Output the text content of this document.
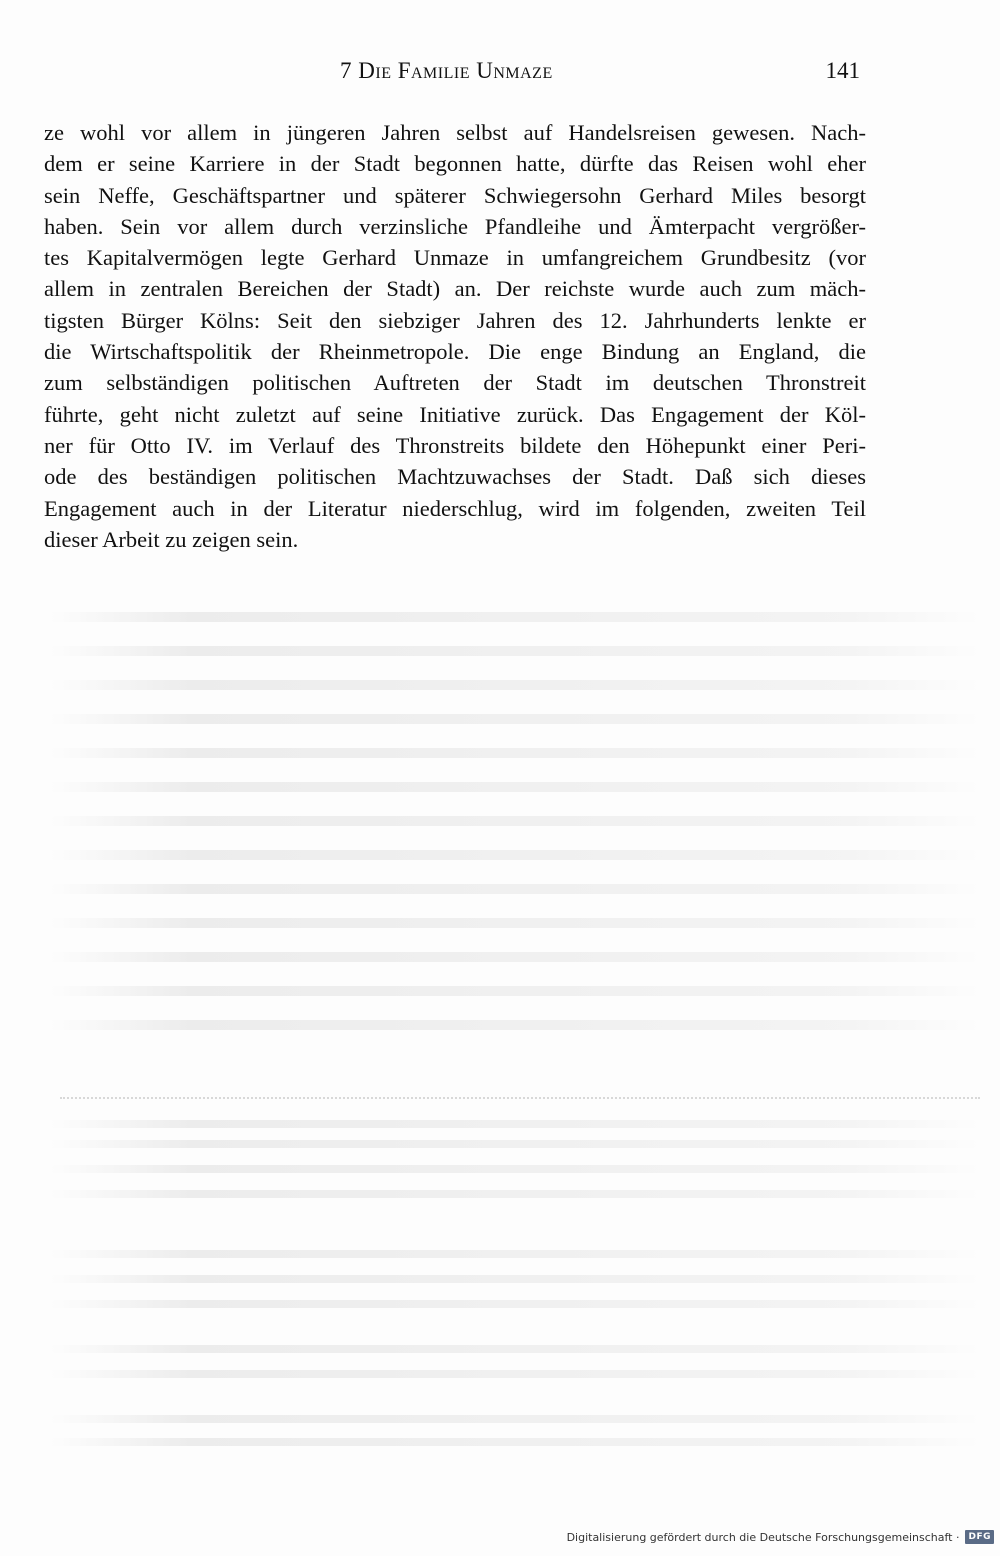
7 Die Familie Unmaze	141
ze wohl vor allem in jüngeren Jahren selbst auf Handelsreisen gewesen. Nach-
dem er seine Karriere in der Stadt begonnen hatte, dürfte das Reisen wohl eher
sein Neffe, Geschäftspartner und späterer Schwiegersohn Gerhard Miles besorgt
haben. Sein vor allem durch verzinsliche Pfandleihe und Ämterpacht vergrößer-
tes Kapitalvermögen legte Gerhard Unmaze in umfangreichem Grundbesitz (vor
allem in zentralen Bereichen der Stadt) an. Der reichste wurde auch zum mäch-
tigsten Bürger Kölns: Seit den siebziger Jahren des 12. Jahrhunderts lenkte er
die Wirtschaftspolitik der Rheinmetropole. Die enge Bindung an England, die
zum selbständigen politischen Auftreten der Stadt im deutschen Thronstreit
führte, geht nicht zuletzt auf seine Initiative zurück. Das Engagement der Köl-
ner für Otto IV. im Verlauf des Thronstreits bildete den Höhepunkt einer Peri-
ode des beständigen politischen Machtzuwachses der Stadt. Daß sich dieses
Engagement auch in der Literatur niederschlug, wird im folgenden, zweiten Teil
dieser Arbeit zu zeigen sein.
Digitalisierung gefördert durch die Deutsche Forschungsgemeinschaft ·	DFG
